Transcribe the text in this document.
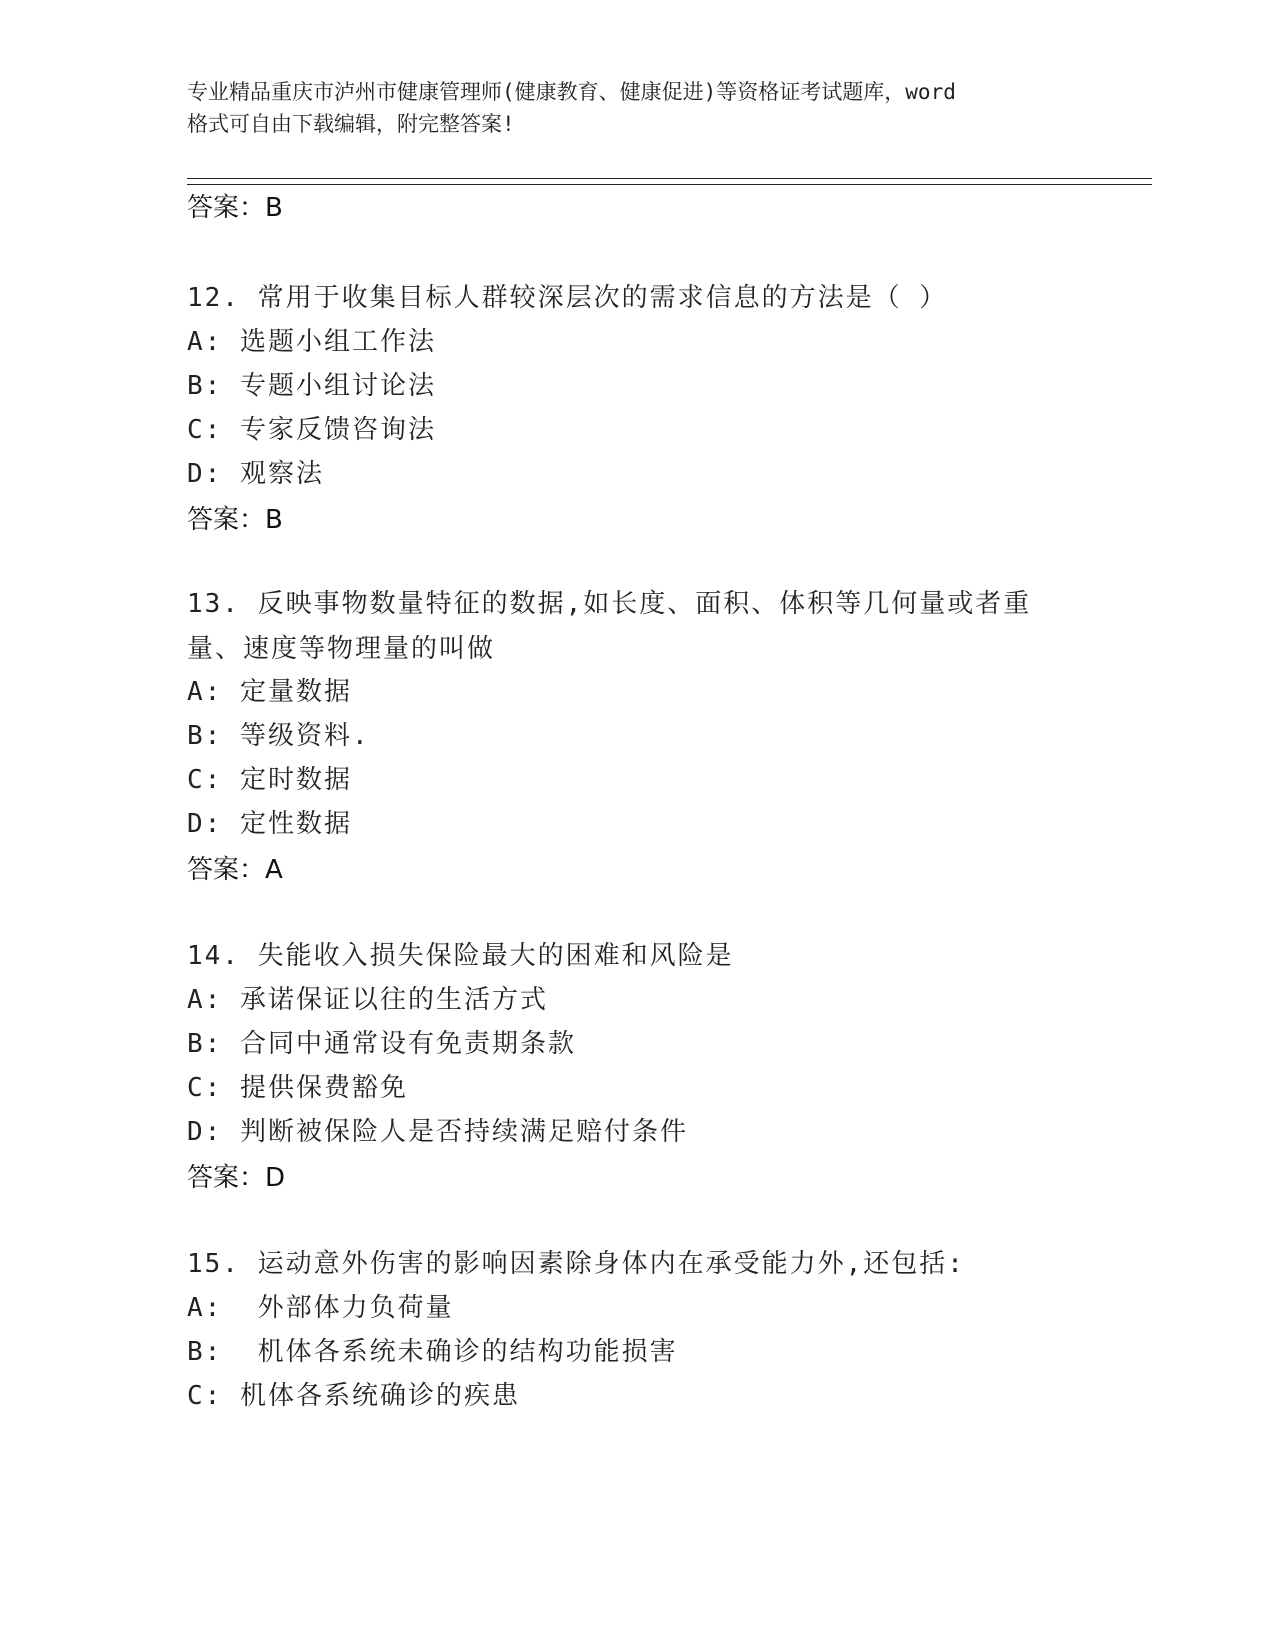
专业精品重庆市泸州市健康管理师(健康教育、健康促进)等资格证考试题库，word
格式可自由下载编辑，附完整答案!
答案：B
12. 常用于收集目标人群较深层次的需求信息的方法是（ ）
A: 选题小组工作法
B: 专题小组讨论法
C: 专家反馈咨询法
D: 观察法
答案：B
13. 反映事物数量特征的数据,如长度、面积、体积等几何量或者重量、速度等物理量的叫做
A: 定量数据
B: 等级资料.
C: 定时数据
D: 定性数据
答案：A
14. 失能收入损失保险最大的困难和风险是
A: 承诺保证以往的生活方式
B: 合同中通常设有免责期条款
C: 提供保费豁免
D: 判断被保险人是否持续满足赔付条件
答案：D
15. 运动意外伤害的影响因素除身体内在承受能力外,还包括:
A:  外部体力负荷量
B:  机体各系统未确诊的结构功能损害
C: 机体各系统确诊的疾患
